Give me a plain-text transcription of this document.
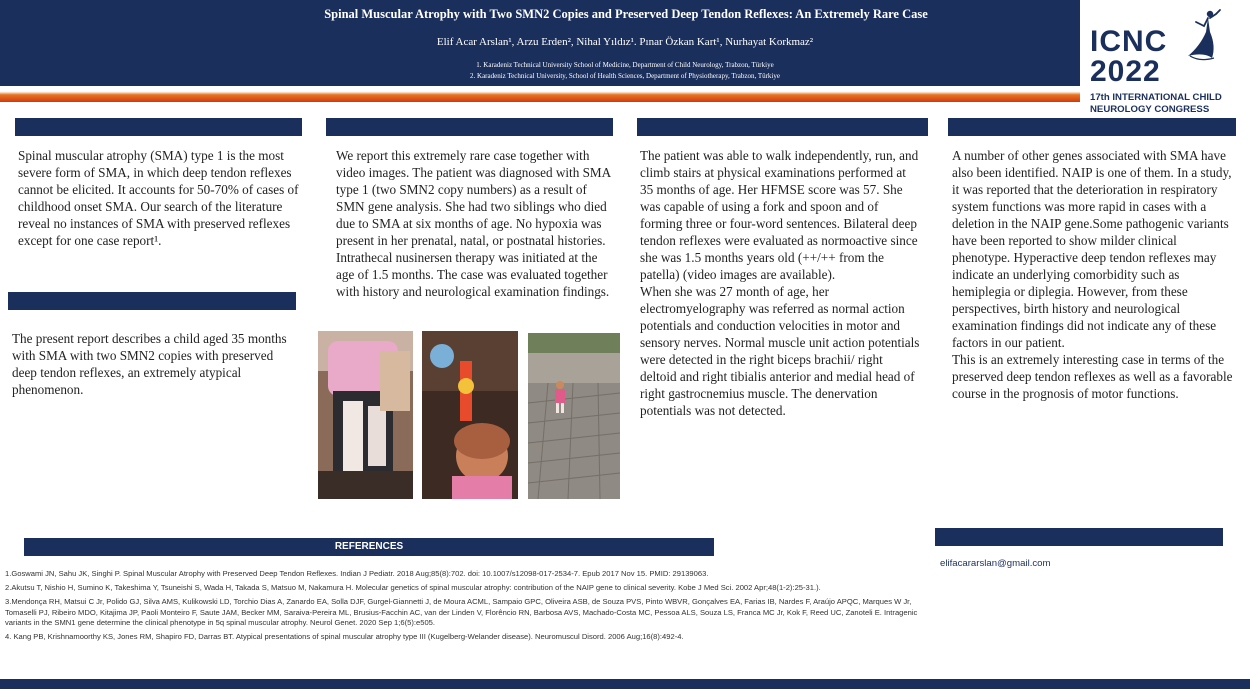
Spinal Muscular Atrophy with Two SMN2 Copies and Preserved Deep Tendon Reflexes: An Extremely Rare Case
Elif Acar Arslan¹, Arzu Erden², Nihal Yıldız¹. Pınar Özkan Kart¹, Nurhayat Korkmaz²
1. Karadeniz Technical University School of Medicine, Department of Child Neurology, Trabzon, Türkiye
2. Karadeniz Technical University, School of Health Sciences, Department of Physiotherapy, Trabzon, Türkiye
ICNC
2022
17th INTERNATIONAL CHILD
NEUROLOGY CONGRESS

Spinal muscular atrophy (SMA) type 1 is the most severe form of SMA, in which deep tendon reflexes cannot be elicited. It accounts for 50-70% of cases of childhood onset SMA. Our search of the literature reveal no instances of SMA with preserved reflexes except for one case report¹.

The present report describes a child aged 35 months with SMA with two SMN2 copies with preserved deep tendon reflexes, an extremely atypical phenomenon.

We report this extremely rare case together with video images. The patient was diagnosed with SMA type 1 (two SMN2 copy numbers) as a result of SMN gene analysis. She had two siblings who died due to SMA at six months of age. No hypoxia was present in her prenatal, natal, or postnatal histories. Intrathecal nusinersen therapy was initiated at the age of 1.5 months. The case was evaluated together with history and neurological examination findings.

The patient was able to walk independently, run, and climb stairs at physical examinations performed at 35 months of age. Her HFMSE score was 57. She was capable of using a fork and spoon and of forming three or four-word sentences. Bilateral deep tendon reflexes were evaluated as normoactive since she was 1.5 months years old (++/++ from the patella) (video images are available).

When she was 27 month of age, her electromyelography was referred as normal action potentials and conduction velocities in motor and sensory nerves. Normal muscle unit action potentials were detected in the right biceps brachii/ right deltoid and right tibialis anterior and medial head of right gastrocnemius muscle. The denervation potentials was not detected.

A number of other genes associated with SMA have also been identified. NAIP is one of them. In a study, it was reported that the deterioration in respiratory system functions was more rapid in cases with a deletion in the NAIP gene.Some pathogenic variants have been reported to show milder clinical phenotype. Hyperactive deep tendon reflexes may indicate an underlying comorbidity such as hemiplegia or diplegia. However, from these perspectives, birth history and neurological examination findings did not indicate any of these factors in our patient.

This is an extremely interesting case in terms of the preserved deep tendon reflexes as well as a favorable course in the prognosis of motor functions.

REFERENCES
1.Goswami JN, Sahu JK, Singhi P. Spinal Muscular Atrophy with Preserved Deep Tendon Reflexes. Indian J Pediatr. 2018 Aug;85(8):702. doi: 10.1007/s12098-017-2534-7. Epub 2017 Nov 15. PMID: 29139063.
2.Akutsu T, Nishio H, Sumino K, Takeshima Y, Tsuneishi S, Wada H, Takada S, Matsuo M, Nakamura H. Molecular genetics of spinal muscular atrophy: contribution of the NAIP gene to clinical severity. Kobe J Med Sci. 2002 Apr;48(1-2):25-31.).
3.Mendonça RH, Matsui C Jr, Polido GJ, Silva AMS, Kulikowski LD, Torchio Dias A, Zanardo EA, Solla DJF, Gurgel-Giannetti J, de Moura ACML, Sampaio GPC, Oliveira ASB, de Souza PVS, Pinto WBVR, Gonçalves EA, Farias IB, Nardes F, Araújo APQC, Marques W Jr, Tomaselli PJ, Ribeiro MDO, Kitajima JP, Paoli Monteiro F, Saute JAM, Becker MM, Saraiva-Pereira ML, Brusius-Facchin AC, van der Linden V, Florêncio RN, Barbosa AVS, Machado-Costa MC, Pessoa ALS, Souza LS, Franca MC Jr, Kok F, Reed UC, Zanoteli E. Intragenic variants in the SMN1 gene determine the clinical phenotype in 5q spinal muscular atrophy. Neurol Genet. 2020 Sep 1;6(5):e505.
4. Kang PB, Krishnamoorthy KS, Jones RM, Shapiro FD, Darras BT. Atypical presentations of spinal muscular atrophy type III (Kugelberg-Welander disease). Neuromuscul Disord. 2006 Aug;16(8):492-4.
elifacararslan@gmail.com
